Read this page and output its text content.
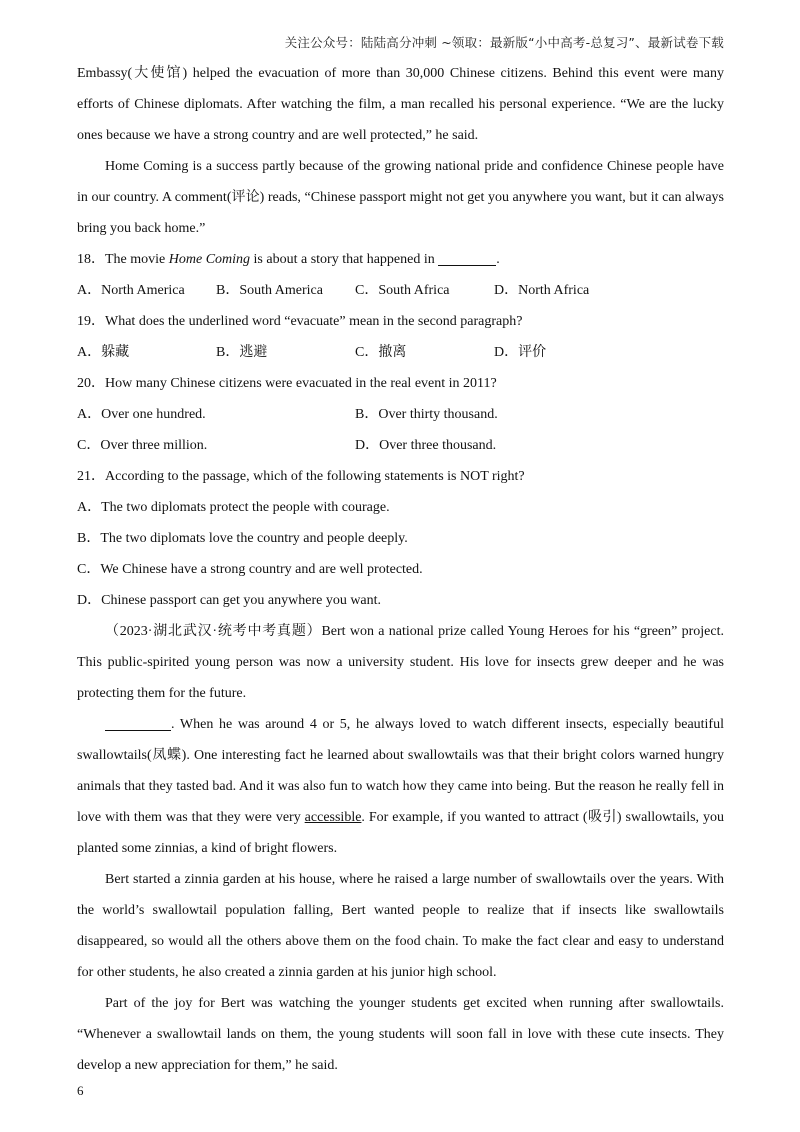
关注公众号：陆陆高分冲刺 ~领取：最新版“小中高考-总复习”、最新试卷下载

Embassy(大使馆) helped the evacuation of more than 30,000 Chinese citizens. Behind this event were many efforts of Chinese diplomats. After watching the film, a man recalled his personal experience. “We are the lucky ones because we have a strong country and are well protected,” he said.

Home Coming is a success partly because of the growing national pride and confidence Chinese people have in our country. A comment(评论) reads, “Chinese passport might not get you anywhere you want, but it can always bring you back home.”

18．The movie Home Coming is about a story that happened in	.
A．North America	B．South America	C．South Africa	D．North Africa
19．What does the underlined word “evacuate” mean in the second paragraph?
A．躲藏	B．逃避	C．撤离	D．评价
20．How many Chinese citizens were evacuated in the real event in 2011?
A．Over one hundred.	B．Over thirty thousand.
C．Over three million.	D．Over three thousand.
21．According to the passage, which of the following statements is NOT right?
A．The two diplomats protect the people with courage.
B．The two diplomats love the country and people deeply.
C．We Chinese have a strong country and are well protected.
D．Chinese passport can get you anywhere you want.

（2023·湖北武汉·统考中考真题）Bert won a national prize called Young Heroes for his “green” project. This public-spirited young person was now a university student. His love for insects grew deeper and he was protecting them for the future.

. When he was around 4 or 5, he always loved to watch different insects, especially beautiful swallowtails(凤蝶). One interesting fact he learned about swallowtails was that their bright colors warned hungry animals that they tasted bad. And it was also fun to watch how they came into being. But the reason he really fell in love with them was that they were very accessible. For example, if you wanted to attract (吸引) swallowtails, you planted some zinnias, a kind of bright flowers.

Bert started a zinnia garden at his house, where he raised a large number of swallowtails over the years. With the world’s swallowtail population falling, Bert wanted people to realize that if insects like swallowtails disappeared, so would all the others above them on the food chain. To make the fact clear and easy to understand for other students, he also created a zinnia garden at his junior high school.

Part of the joy for Bert was watching the younger students get excited when running after swallowtails. “Whenever a swallowtail lands on them, the young students will soon fall in love with these cute insects. They develop a new appreciation for them,” he said.

6
